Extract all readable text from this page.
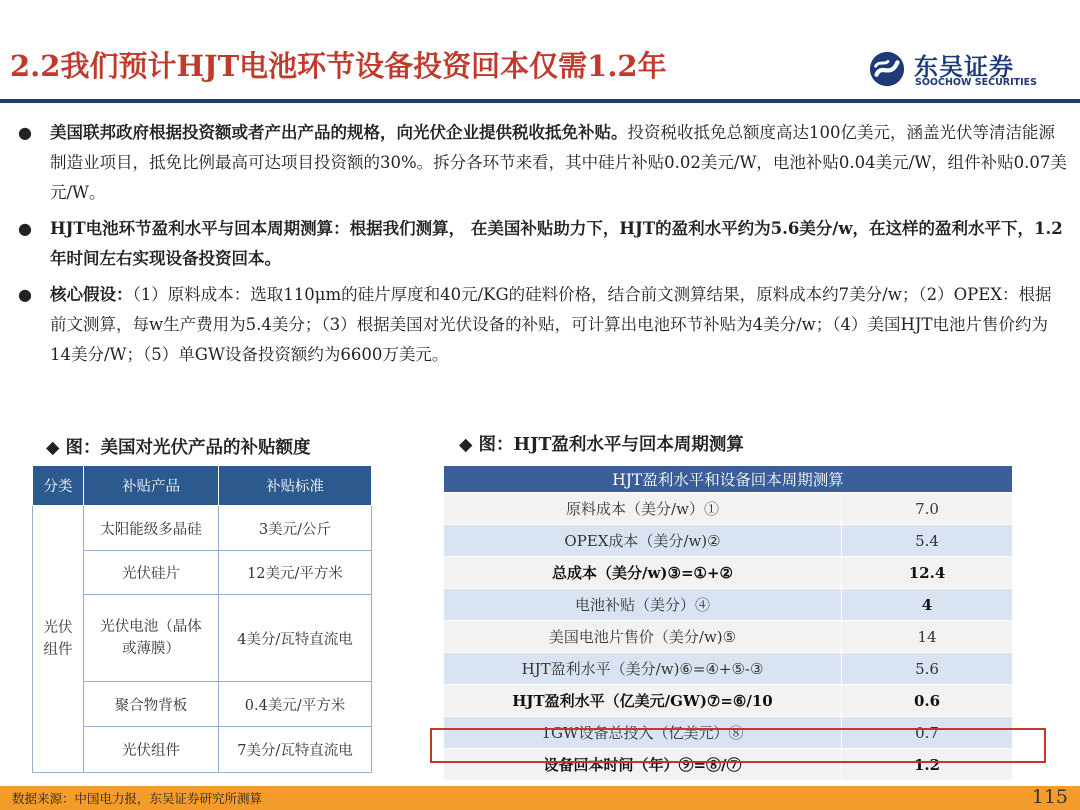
2.2我们预计HJT电池环节设备投资回本仅需1.2年	东吴证券
SOOCHOW SECURITIES
● 美国联邦政府根据投资额或者产出产品的规格，向光伏企业提供税收抵免补贴。投资税收抵免总额度高达100亿美元，涵盖光伏等清洁能源制造业项目，抵免比例最高可达项目投资额的30%。拆分各环节来看，其中硅片补贴0.02美元/W，电池补贴0.04美元/W，组件补贴0.07美元/W。
● HJT电池环节盈利水平与回本周期测算：根据我们测算， 在美国补贴助力下，HJT的盈利水平约为5.6美分/w，在这样的盈利水平下，1.2年时间左右实现设备投资回本。
● 核心假设：（1）原料成本：选取110μm的硅片厚度和40元/KG的硅料价格，结合前文测算结果，原料成本约7美分/w；（2）OPEX：根据前文测算，每w生产费用为5.4美分；（3）根据美国对光伏设备的补贴，可计算出电池环节补贴为4美分/w；（4）美国HJT电池片售价约为14美分/W；（5）单GW设备投资额约为6600万美元。
◆ 图：美国对光伏产品的补贴额度	◆ 图：HJT盈利水平与回本周期测算
分类	补贴产品	补贴标准
光伏组件	太阳能级多晶硅	3美元/公斤
	光伏硅片	12美元/平方米
	光伏电池（晶体或薄膜）	4美分/瓦特直流电
	聚合物背板	0.4美元/平方米
	光伏组件	7美分/瓦特直流电
HJT盈利水平和设备回本周期测算	
原料成本（美分/w）①	7.0
OPEX成本（美分/w)②	5.4
总成本（美分/w)③=①+②	12.4
电池补贴（美分）④	4
美国电池片售价（美分/w)⑤	14
HJT盈利水平（美分/w)⑥=④+⑤-③	5.6
HJT盈利水平（亿美元/GW)⑦=⑥/10	0.6
1GW设备总投入（亿美元）⑧	0.7
设备回本时间（年）⑨=⑧/⑦	1.2
数据来源：中国电力报，东吴证券研究所测算	115
